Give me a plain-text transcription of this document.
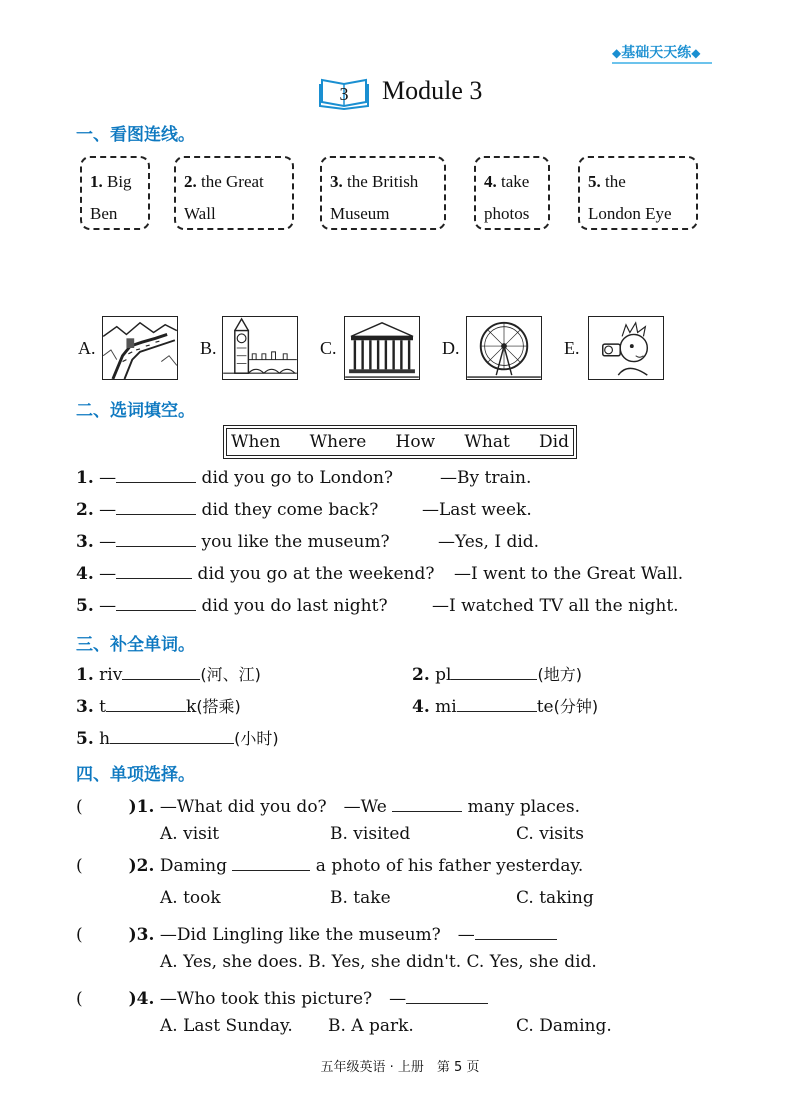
◆基础天天练◆
3 Module 3
一、看图连线。
1. Big
Ben
2. the Great
Wall
3. the British
Museum
4. take
photos
5. the
London Eye
A.	B.	C.	D.	E.
二、选词填空。
When Where How What Did
1. —	did you go to London?	—By train.
2. —	did they come back?	—Last week.
3. —	you like the museum?	—Yes, I did.
4. —	did you go at the weekend? —I went to the Great Wall.
5. —	did you do last night?	—I watched TV all the night.
三、补全单词。
1. riv	(河、江)	2. pl	(地方)
3. t	k(搭乘)	4. mi	te(分钟)
5. h	(小时)
四、单项选择。
(	)1. —What did you do?　—We	many places.
A. visit	B. visited	C. visits
(	)2. Daming	a photo of his father yesterday.
A. took	B. take	C. taking
(	)3. —Did Lingling like the museum?　—
A. Yes, she does. B. Yes, she didn't. C. Yes, she did.
(	)4. —Who took this picture?　—
A. Last Sunday. B. A park.	C. Daming.
五年级英语 · 上册　第 5 页
